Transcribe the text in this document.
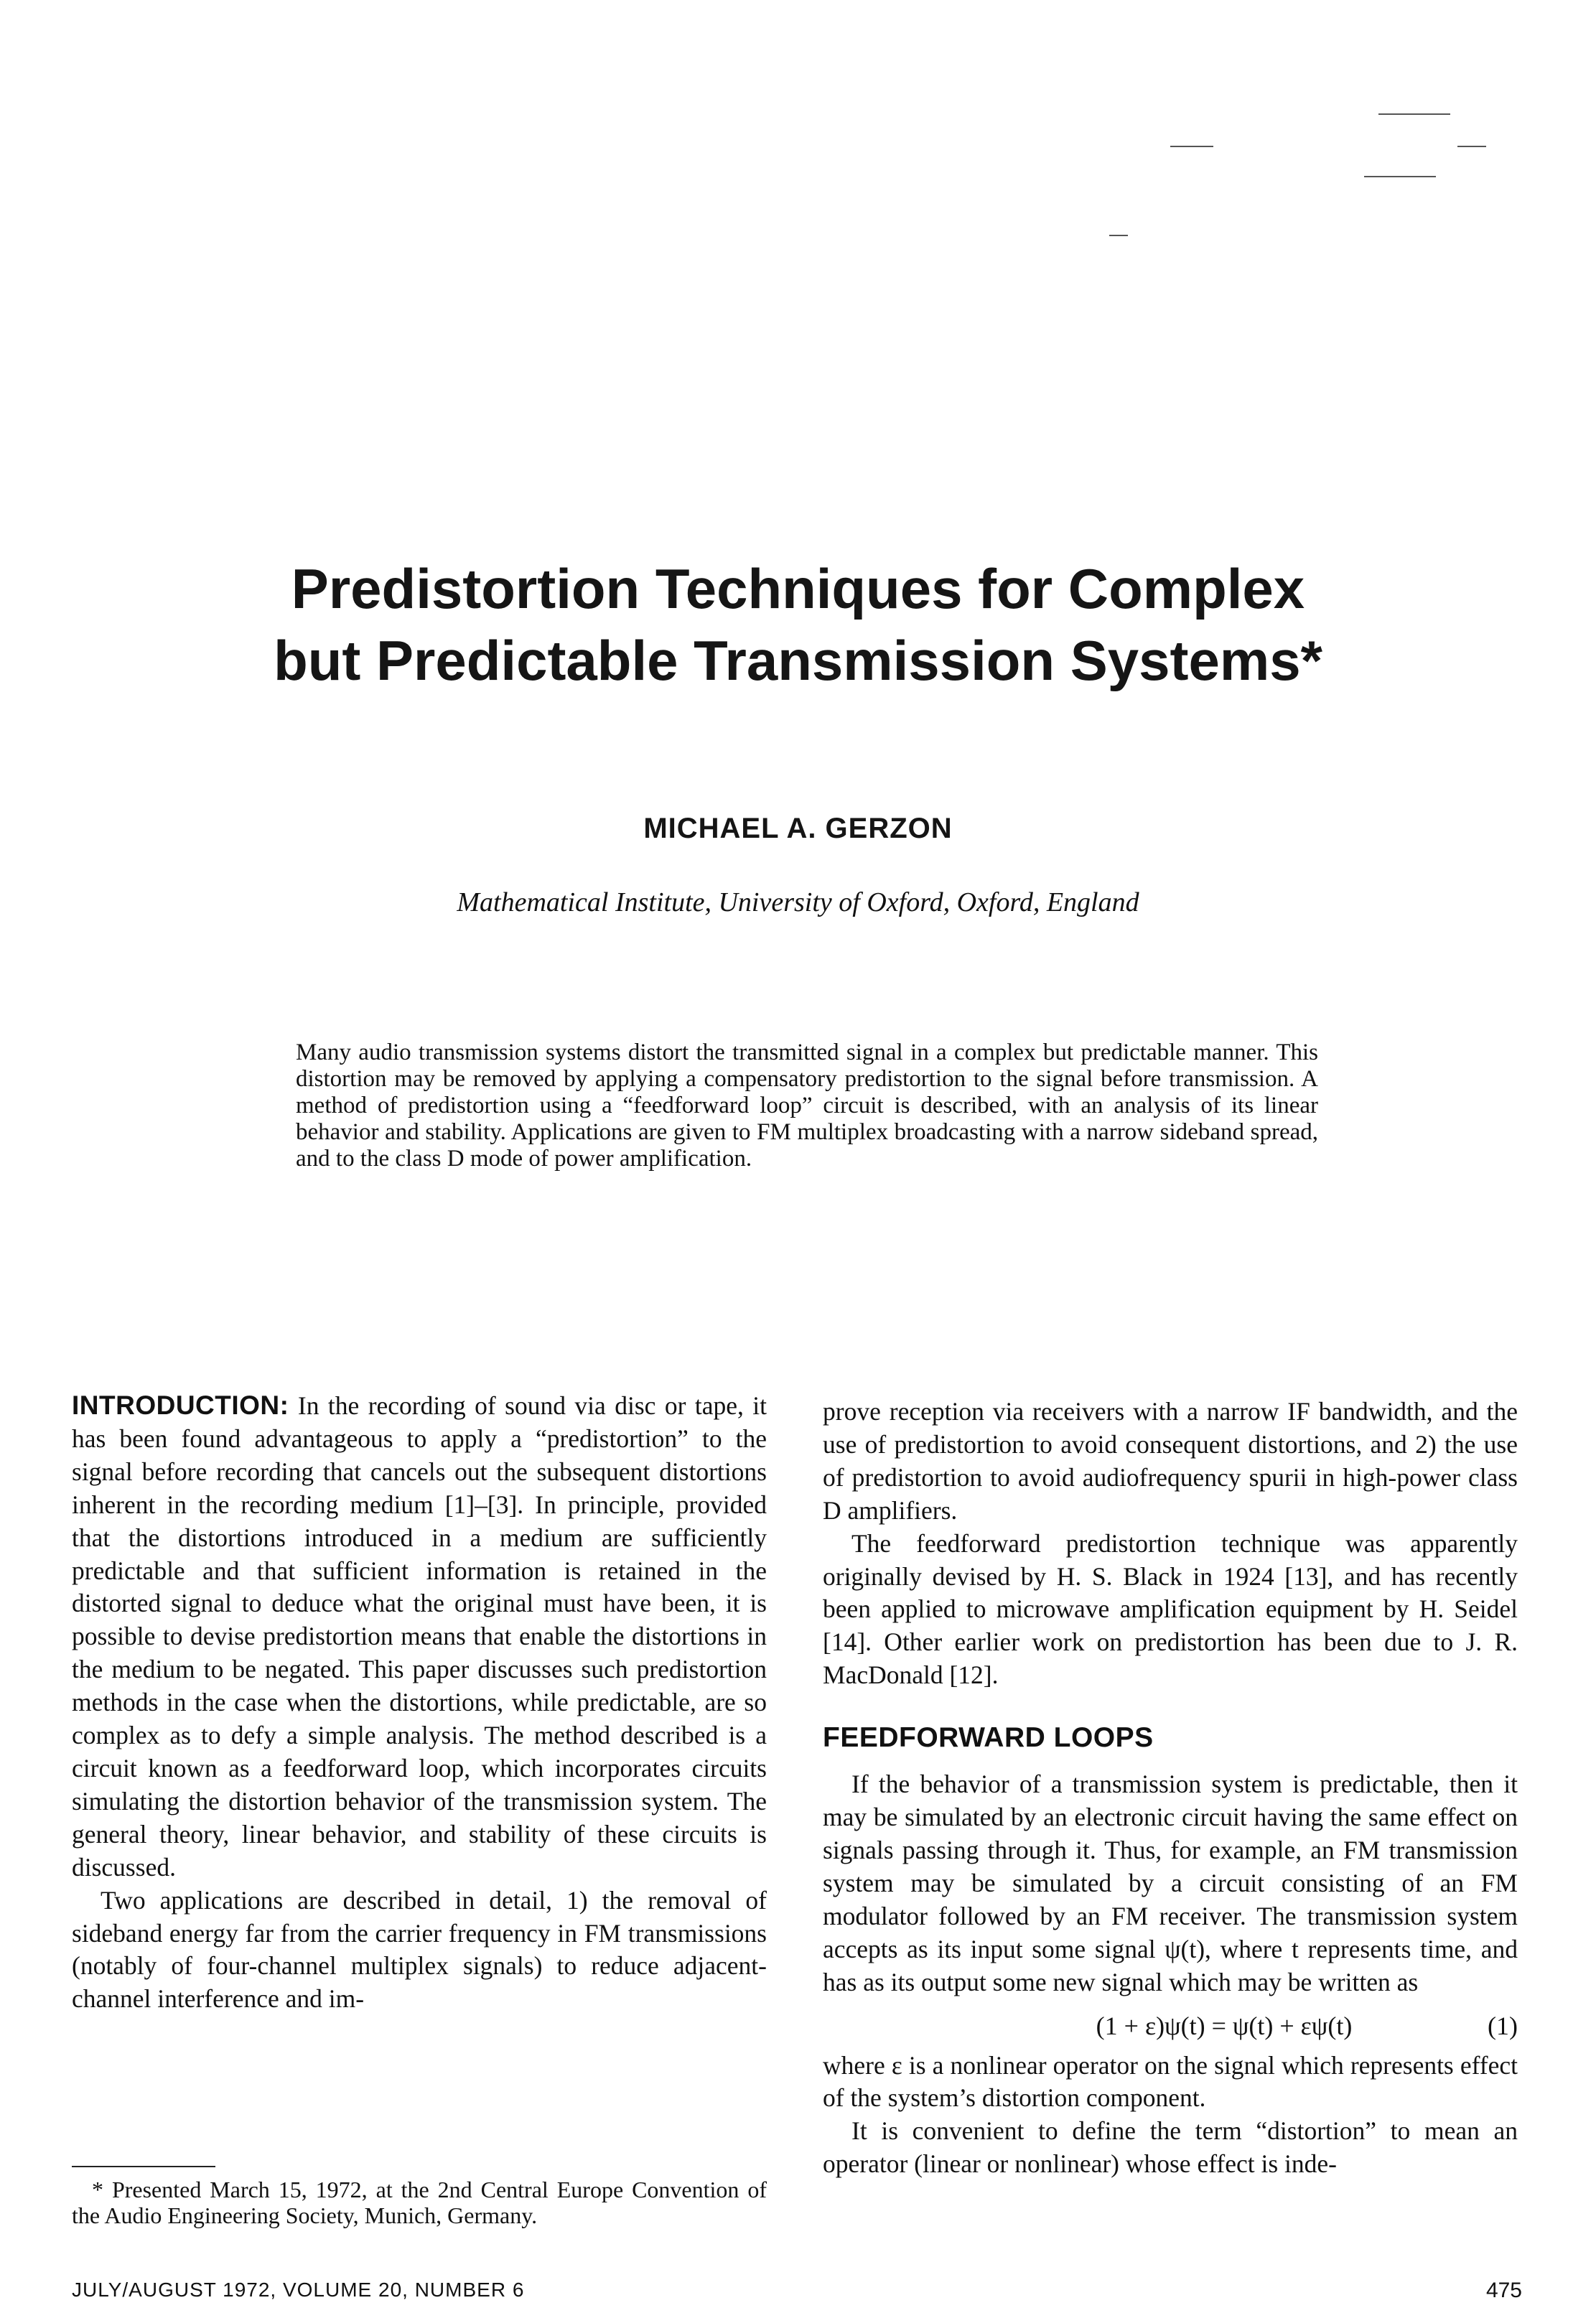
Predistortion Techniques for Complex
but Predictable Transmission Systems*
MICHAEL A. GERZON
Mathematical Institute, University of Oxford, Oxford, England
Many audio transmission systems distort the transmitted signal in a complex but predictable manner. This distortion may be removed by applying a compensatory predistortion to the signal before transmission. A method of predistortion using a “feedforward loop” circuit is described, with an analysis of its linear behavior and stability. Applications are given to FM multiplex broadcasting with a narrow sideband spread, and to the class D mode of power amplification.

INTRODUCTION: In the recording of sound via disc or tape, it has been found advantageous to apply a “predistortion” to the signal before recording that cancels out the subsequent distortions inherent in the recording medium [1]–[3]. In principle, provided that the distortions introduced in a medium are sufficiently predictable and that sufficient information is retained in the distorted signal to deduce what the original must have been, it is possible to devise predistortion means that enable the distortions in the medium to be negated. This paper discusses such predistortion methods in the case when the distortions, while predictable, are so complex as to defy a simple analysis. The method described is a circuit known as a feedforward loop, which incorporates circuits simulating the distortion behavior of the transmission system. The general theory, linear behavior, and stability of these circuits is discussed.

Two applications are described in detail, 1) the removal of sideband energy far from the carrier frequency in FM transmissions (notably of four-channel multiplex signals) to reduce adjacent-channel interference and im-

prove reception via receivers with a narrow IF bandwidth, and the use of predistortion to avoid consequent distortions, and 2) the use of predistortion to avoid audiofrequency spurii in high-power class D amplifiers.

The feedforward predistortion technique was apparently originally devised by H. S. Black in 1924 [13], and has recently been applied to microwave amplification equipment by H. Seidel [14]. Other earlier work on predistortion has been due to J. R. MacDonald [12].

FEEDFORWARD LOOPS

If the behavior of a transmission system is predictable, then it may be simulated by an electronic circuit having the same effect on signals passing through it. Thus, for example, an FM transmission system may be simulated by a circuit consisting of an FM modulator followed by an FM receiver. The transmission system accepts as its input some signal ψ(t), where t represents time, and has as its output some new signal which may be written as

(1 + ε)ψ(t) = ψ(t) + εψ(t)	(1)

where ε is a nonlinear operator on the signal which represents effect of the system’s distortion component.

It is convenient to define the term “distortion” to mean an operator (linear or nonlinear) whose effect is inde-

* Presented March 15, 1972, at the 2nd Central Europe Convention of the Audio Engineering Society, Munich, Germany.
JULY/AUGUST 1972, VOLUME 20, NUMBER 6	475
